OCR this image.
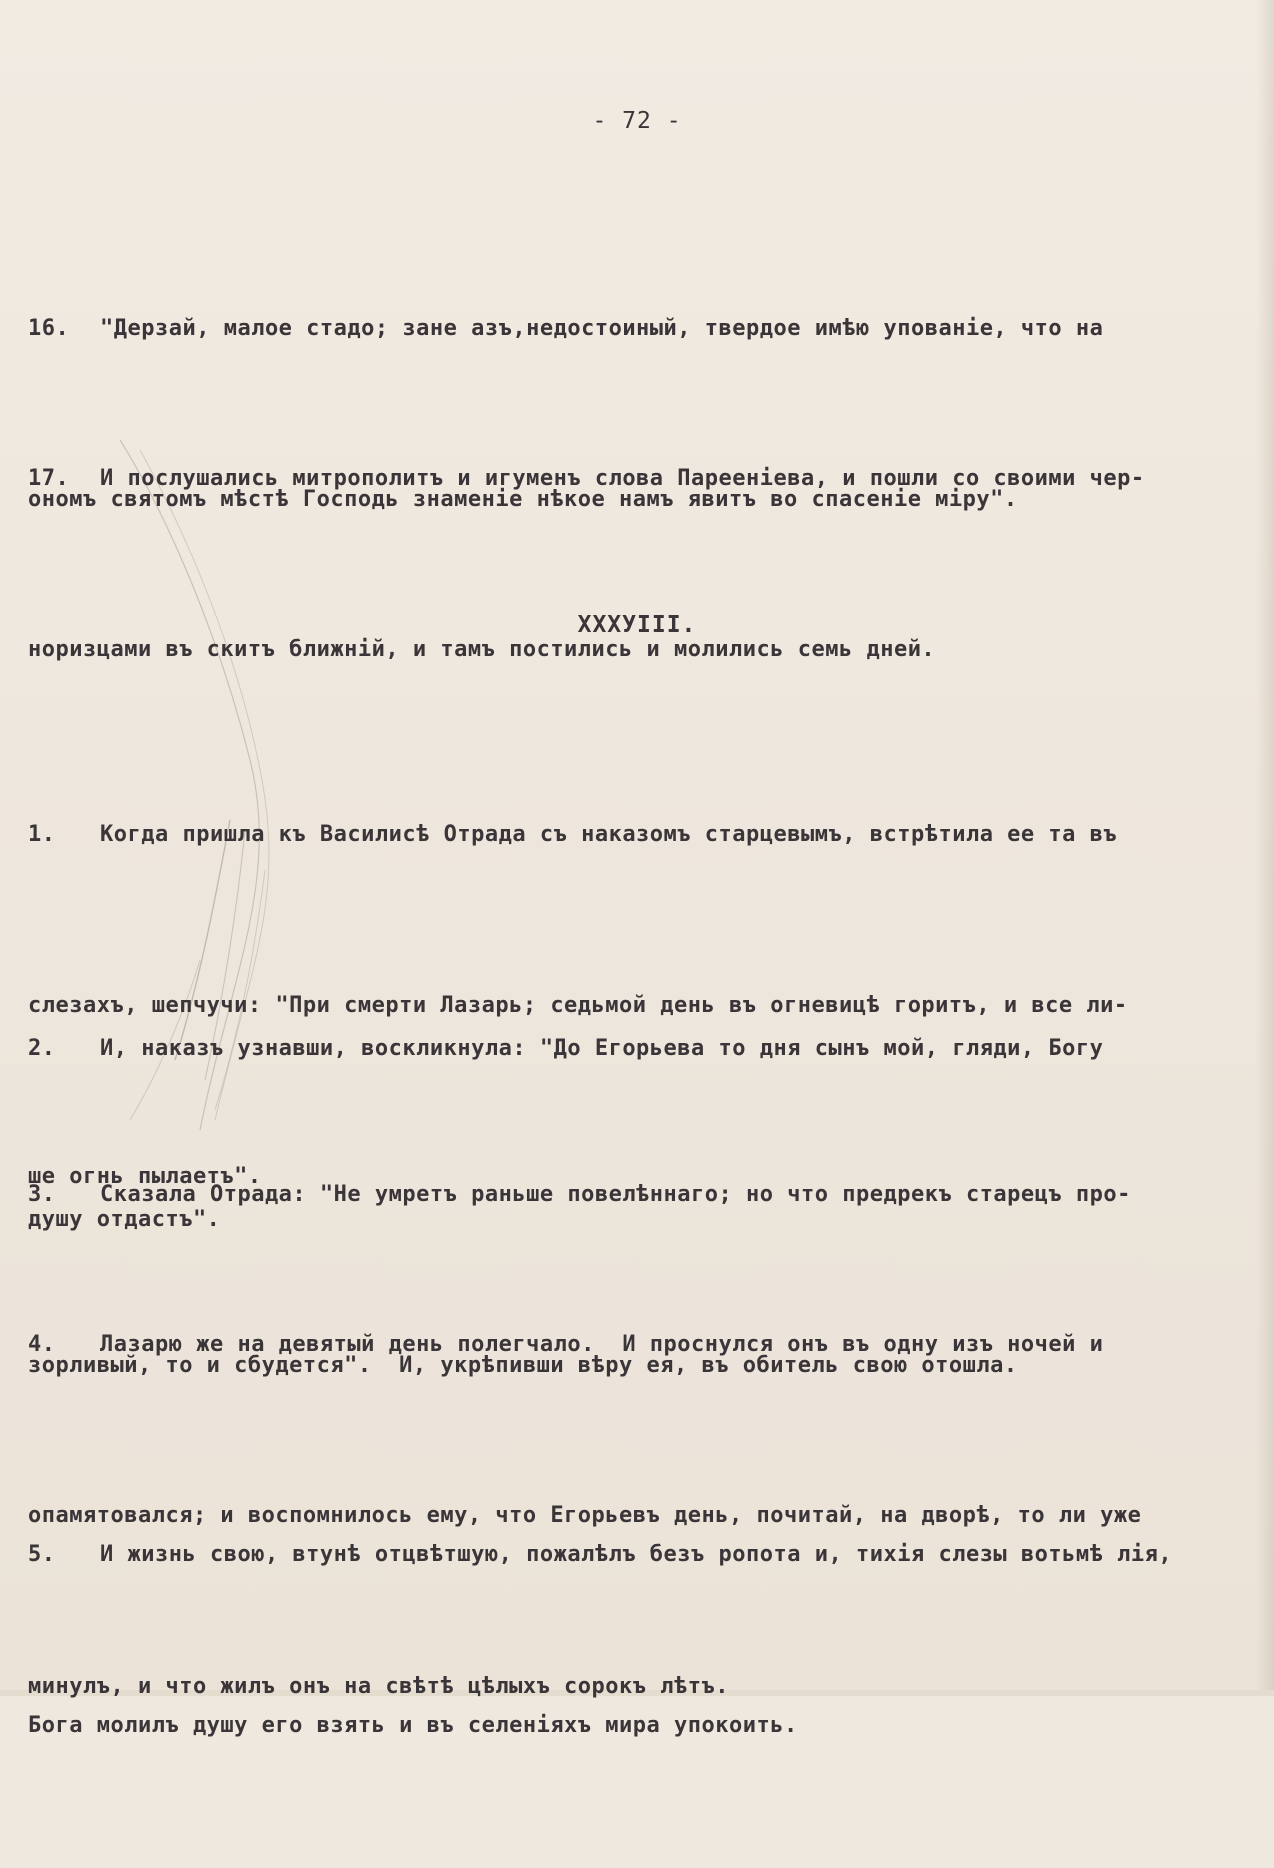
- 72 -

16. "Дерзай, малое стадо; зане азъ,недостоиный, твердое имѣю упованіе, что на

ономъ святомъ мѣстѣ Господь знаменіе нѣкое намъ явитъ во спасеніе міру".

17. И послушались митрополитъ и игуменъ слова Пареенiева, и пошли со своими чер-

норизцами въ скитъ ближній, и тамъ постились и молились семь дней.

XXXУIII.

1. Когда пришла къ Василисѣ Отрада съ наказомъ старцевымъ, встрѣтила ее та въ

слезахъ, шепчучи: "При смерти Лазарь; седьмой день въ огневицѣ горитъ, и все ли-

ше огнь пылаетъ".

2. И, наказъ узнавши, воскликнула: "До Егорьева то дня сынъ мой, гляди, Богу

душу отдастъ".

3. Сказала Отрада: "Не умретъ раньше повелѣннаго; но что предрекъ старецъ про-

зорливый, то и сбудется".  И, укрѣпивши вѣру ея, въ обитель свою отошла.

4. Лазарю же на девятый день полегчало.  И проснулся онъ въ одну изъ ночей и

опамятовался; и воспомнилось ему, что Егорьевъ день, почитай, на дворѣ, то ли уже

минулъ, и что жилъ онъ на свѣтѣ цѣлыхъ сорокъ лѣтъ.

5. И жизнь свою, втунѣ отцвѣтшую, пожалѣлъ безъ ропота и, тихія слезы вотьмѣ лія,

Бога молилъ душу его взять и въ селеніяхъ мира упокоить.
